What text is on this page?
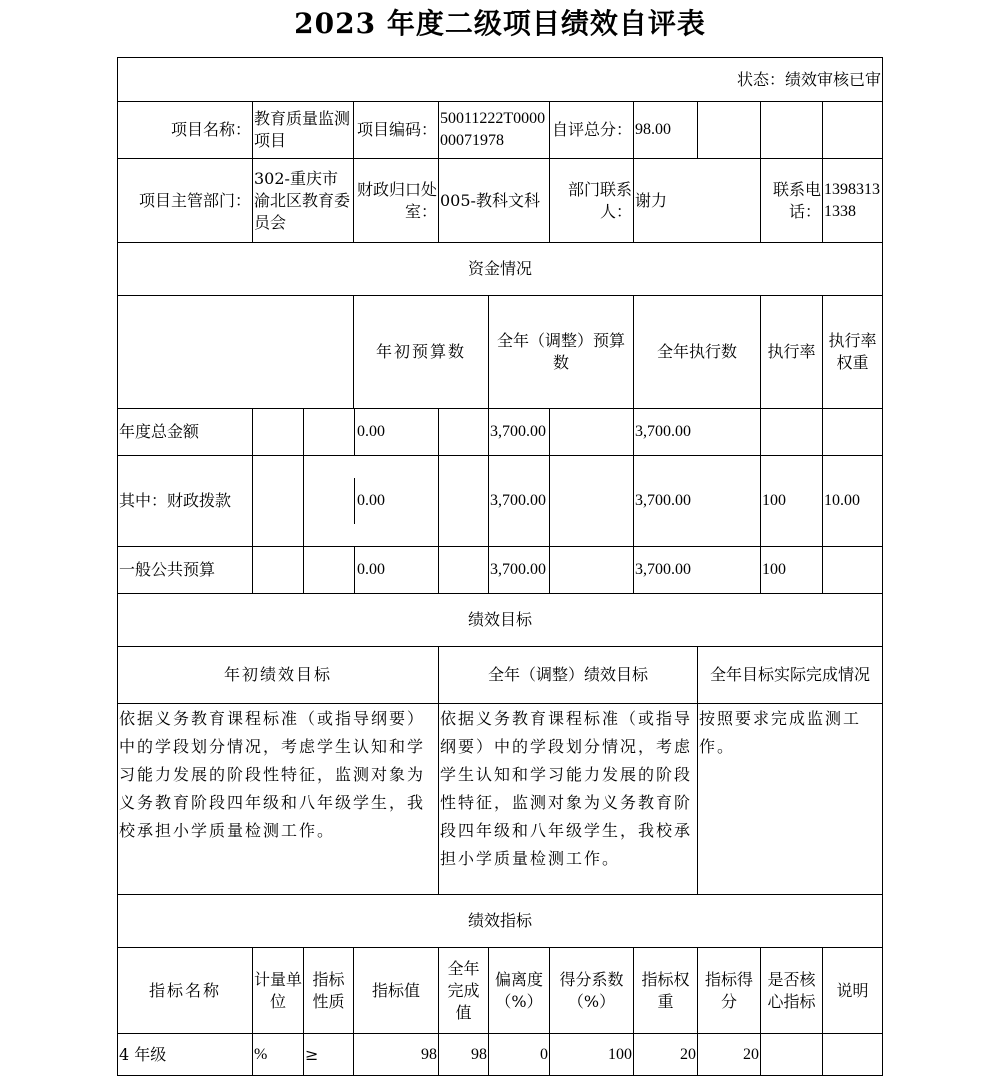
2023 年度二级项目绩效自评表
状态：绩效审核已审											
项目名称：	教育质量监测项目		项目编码：	50011222T000000071978		自评总分：	98.00				
项目主管部门：	302-重庆市渝北区教育委员会		财政归口处室：	005-教科文科		部门联系人：	谢力		联系电话：	13983131338	
资金情况											
			年初预算数		全年（调整）预算数		全年执行数		执行率	执行率权重	
年度总金额		0.00			3,700.00		3,700.00				
其中：财政拨款		0.00			3,700.00		3,700.00		100	10.00	
一般公共预算		0.00			3,700.00		3,700.00		100		
绩效目标											
年初绩效目标				全年（调整）绩效目标				全年目标实际完成情况			
依据义务教育课程标准（或指导纲要）中的学段划分情况，考虑学生认知和学习能力发展的阶段性特征，监测对象为义务教育阶段四年级和八年级学生，我校承担小学质量检测工作。				依据义务教育课程标准（或指导纲要）中的学段划分情况，考虑学生认知和学习能力发展的阶段性特征，监测对象为义务教育阶段四年级和八年级学生，我校承担小学质量检测工作。				按照要求完成监测工作。			
绩效指标											
指标名称	计量单位	指标性质	指标值	全年完成值	偏离度（%）	得分系数（%）	指标权重	指标得分	是否核心指标	说明	
4 年级	%	≥	98	98	0	100	20	20			
